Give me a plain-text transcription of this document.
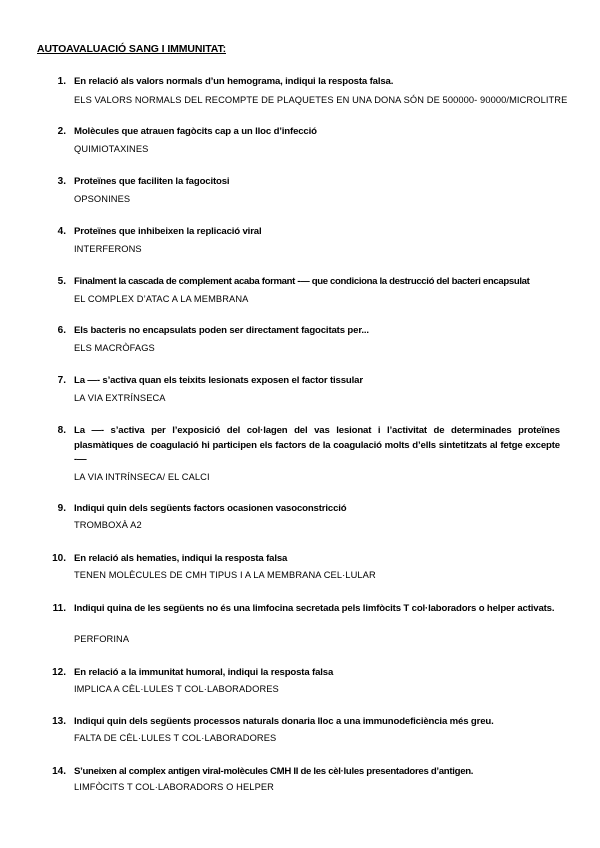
AUTOAVALUACIÓ SANG I IMMUNITAT:
1. En relació als valors normals d’un hemograma, indiqui la resposta falsa.

ELS VALORS NORMALS DEL RECOMPTE DE PLAQUETES EN UNA DONA SÓN DE 500000- 90000/MICROLITRE

2. Molècules que atrauen fagòcits cap a un lloc d’infecció

QUIMIOTAXINES

3. Proteïnes que faciliten la fagocitosi

OPSONINES

4. Proteïnes que inhibeixen la replicació viral

INTERFERONS

5. Finalment la cascada de complement acaba formant -— que condiciona la destrucció del bacteri encapsulat

EL COMPLEX D’ATAC A LA MEMBRANA

6. Els bacteris no encapsulats poden ser directament fagocitats per...

ELS MACRÒFAGS

7. La —- s’activa quan els teixits lesionats exposen el factor tissular

LA VIA EXTRÍNSECA

8. La —- s’activa per l’exposició del col·lagen del vas lesionat i l’activitat de determinades proteïnes plasmàtiques de coagulació hi participen els factors de la coagulació molts d’ells sintetitzats al fetge excepte -—

LA VIA INTRÍNSECA/ EL CALCI

9. Indiqui quin dels següents factors ocasionen vasoconstricció

TROMBOXÀ A2

10. En relació als hematies, indiqui la resposta falsa

TENEN MOLÈCULES DE CMH TIPUS I A LA MEMBRANA CEL·LULAR

11. Indiqui quina de les següents no és una limfocina secretada pels limfòcits T col·laboradors o helper activats.

PERFORINA

12. En relació a la immunitat humoral, indiqui la resposta falsa

IMPLICA A CÈL·LULES T COL·LABORADORES

13. Indiqui quin dels següents processos naturals donaria lloc a una immunodeficiència més greu.

FALTA DE CÈL·LULES T COL·LABORADORES

14. S’uneixen al complex antigen viral-molècules CMH II de les cèl·lules presentadores d’antigen.

LIMFÒCITS T COL·LABORADORS O HELPER
